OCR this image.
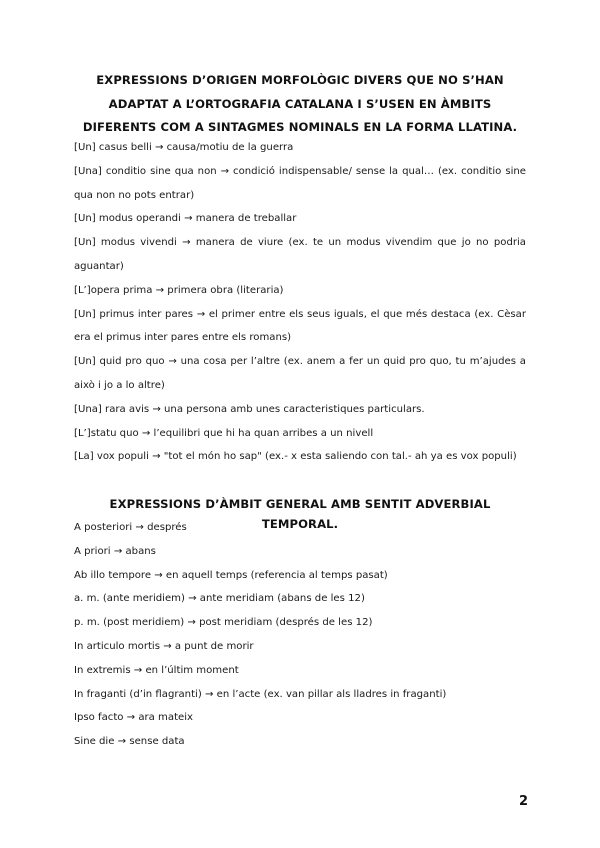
EXPRESSIONS D’ORIGEN MORFOLÒGIC DIVERS QUE NO S’HAN ADAPTAT A L’ORTOGRAFIA CATALANA I S’USEN EN ÀMBITS DIFERENTS COM A SINTAGMES NOMINALS EN LA FORMA LLATINA.

[Un] casus belli → causa/motiu de la guerra

[Una] conditio sine qua non → condició indispensable/ sense la qual… (ex. conditio sine qua non no pots entrar)

[Un] modus operandi → manera de treballar

[Un] modus vivendi → manera de viure (ex. te un modus vivendim que jo no podria aguantar)

[L’]opera prima → primera obra (literaria)

[Un] primus inter pares → el primer entre els seus iguals, el que més destaca (ex. Cèsar era el primus inter pares entre els romans)

[Un] quid pro quo → una cosa per l’altre (ex. anem a fer un quid pro quo, tu m’ajudes a això i jo a lo altre)

[Una] rara avis → una persona amb unes caracteristiques particulars.

[L’]statu quo → l’equilibri que hi ha quan arribes a un nivell

[La] vox populi → "tot el món ho sap" (ex.- x esta saliendo con tal.- ah ya es vox populi)

EXPRESSIONS D’ÀMBIT GENERAL AMB SENTIT ADVERBIAL TEMPORAL.

A posteriori → després

A priori → abans

Ab illo tempore → en aquell temps (referencia al temps pasat)

a. m. (ante meridiem) → ante meridiam (abans de les 12)

p. m. (post meridiem) → post meridiam (després de les 12)

In articulo mortis → a punt de morir

In extremis → en l’últim moment

In fraganti (d’in flagranti) → en l’acte (ex. van pillar als lladres in fraganti)

Ipso facto → ara mateix

Sine die → sense data

2
